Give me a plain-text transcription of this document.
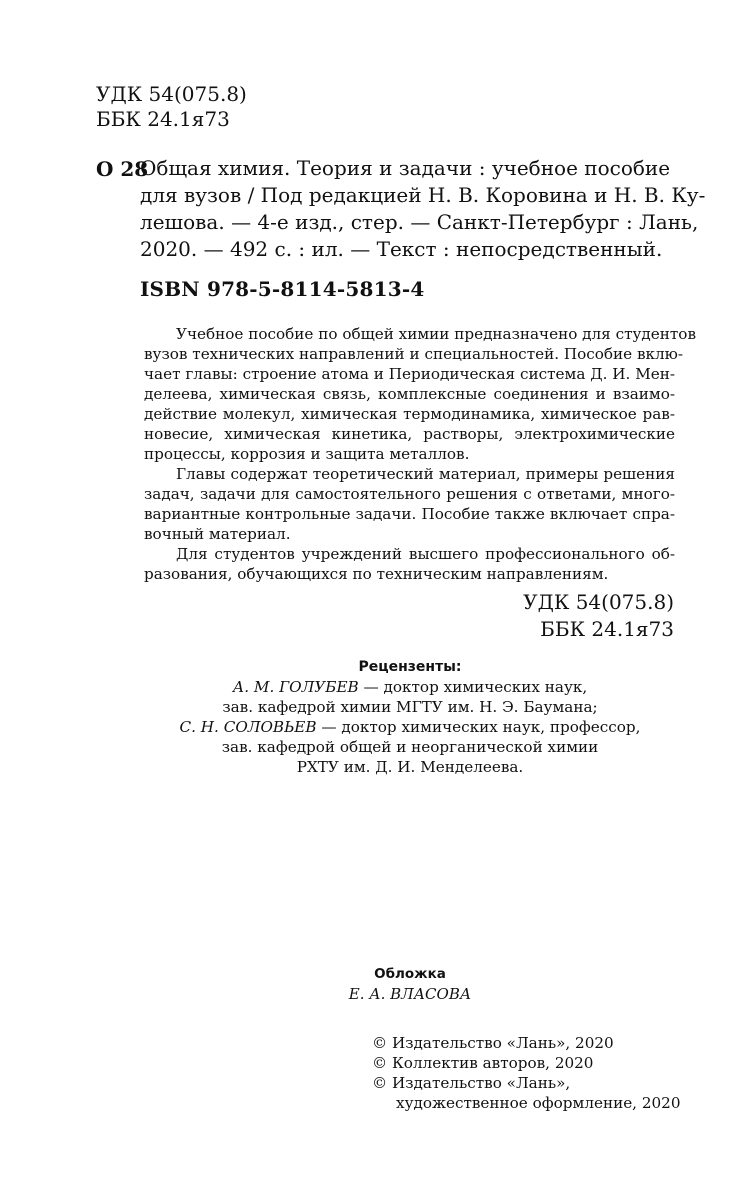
УДК 54(075.8)
ББК 24.1я73
О 28
Общая химия. Теория и задачи : учебное пособие
для вузов / Под редакцией Н. В. Коровина и Н. В. Ку-
лешова. — 4-е изд., стер. — Санкт-Петербург : Лань,
2020. — 492 с. : ил. — Текст : непосредственный.
ISBN 978-5-8114-5813-4
Учебное пособие по общей химии предназначено для студентов
вузов технических направлений и специальностей. Пособие вклю-
чает главы: строение атома и Периодическая система Д. И. Мен-
делеева, химическая связь, комплексные соединения и взаимо-
действие молекул, химическая термодинамика, химическое рав-
новесие, химическая кинетика, растворы, электрохимические
процессы, коррозия и защита металлов.
Главы содержат теоретический материал, примеры решения
задач, задачи для самостоятельного решения с ответами, много-
вариантные контрольные задачи. Пособие также включает спра-
вочный материал.
Для студентов учреждений высшего профессионального об-
разования, обучающихся по техническим направлениям.
УДК 54(075.8)
ББК 24.1я73
Рецензенты:
А. М. ГОЛУБЕВ — доктор химических наук,
зав. кафедрой химии МГТУ им. Н. Э. Баумана;
С. Н. СОЛОВЬЕВ — доктор химических наук, профессор,
зав. кафедрой общей и неорганической химии
РХТУ им. Д. И. Менделеева.
Обложка
Е. А. ВЛАСОВА
© Издательство «Лань», 2020
© Коллектив авторов, 2020
© Издательство «Лань»,
художественное оформление, 2020
